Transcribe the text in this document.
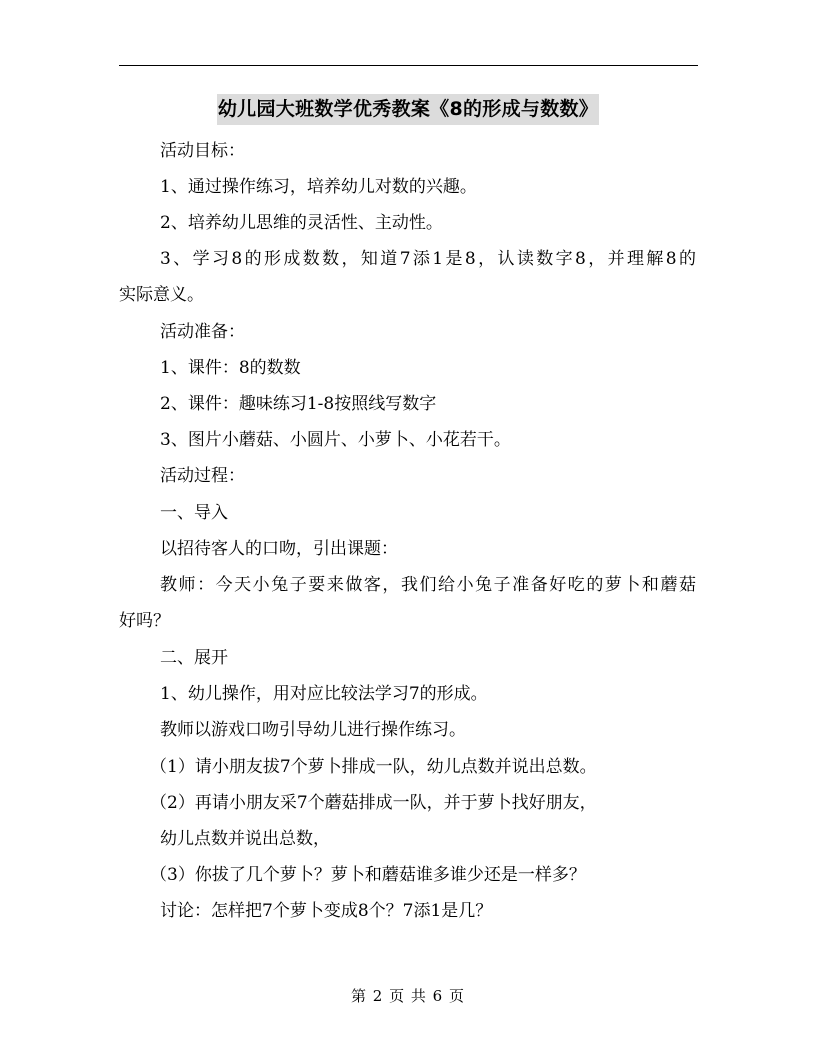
幼儿园大班数学优秀教案《8的形成与数数》
活动目标：
1、通过操作练习，培养幼儿对数的兴趣。
2、培养幼儿思维的灵活性、主动性。
3、学习8的形成数数，知道7添1是8，认读数字8，并理解8的
实际意义。
活动准备：
1、课件：8的数数
2、课件：趣味练习1-8按照线写数字
3、图片小蘑菇、小圆片、小萝卜、小花若干。
活动过程：
一、导入
以招待客人的口吻，引出课题：
教师：今天小兔子要来做客，我们给小兔子准备好吃的萝卜和蘑菇
好吗？
二、展开
1、幼儿操作，用对应比较法学习7的形成。
教师以游戏口吻引导幼儿进行操作练习。
（1）请小朋友拔7个萝卜排成一队，幼儿点数并说出总数。
（2）再请小朋友采7个蘑菇排成一队，并于萝卜找好朋友，
幼儿点数并说出总数，
（3）你拔了几个萝卜？萝卜和蘑菇谁多谁少还是一样多？
讨论：怎样把7个萝卜变成8个？7添1是几？
第 2 页 共 6 页
